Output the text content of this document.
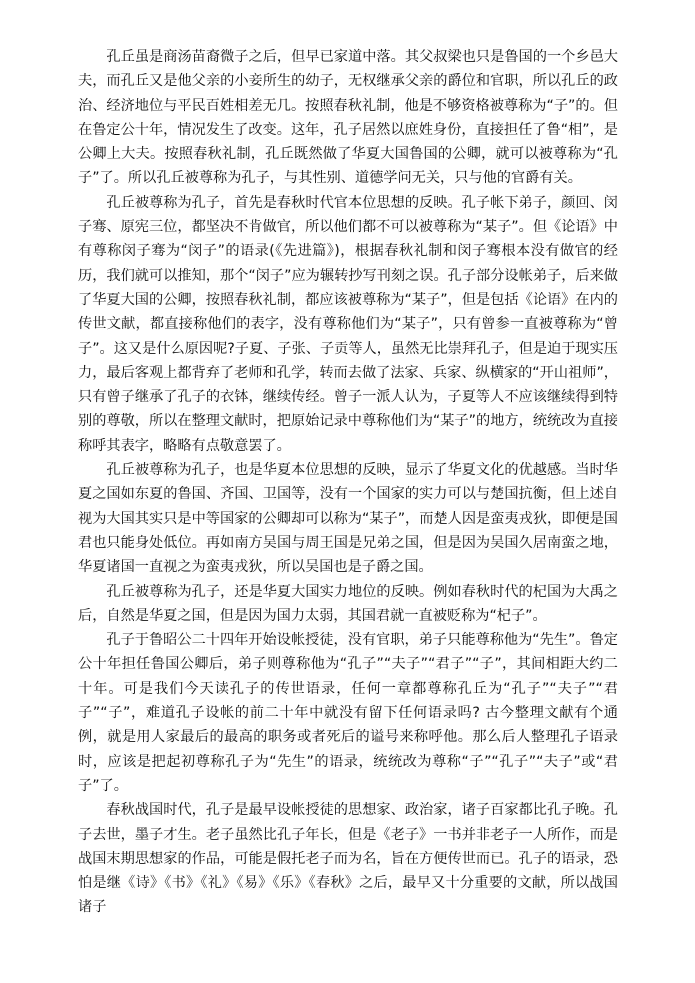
孔丘虽是商汤苗裔微子之后，但早已家道中落。其父叔梁也只是鲁国的一个乡邑大夫，而孔丘又是他父亲的小妾所生的幼子，无权继承父亲的爵位和官职，所以孔丘的政治、经济地位与平民百姓相差无几。按照春秋礼制，他是不够资格被尊称为“子”的。但在鲁定公十年，情况发生了改变。这年，孔子居然以庶姓身份，直接担任了鲁“相”，是公卿上大夫。按照春秋礼制，孔丘既然做了华夏大国鲁国的公卿，就可以被尊称为“孔子”了。所以孔丘被尊称为孔子，与其性别、道德学问无关，只与他的官爵有关。

孔丘被尊称为孔子，首先是春秋时代官本位思想的反映。孔子帐下弟子，颜回、闵子骞、原宪三位，都坚决不肯做官，所以他们都不可以被尊称为“某子”。但《论语》中有尊称闵子骞为“闵子”的语录(《先进篇》)，根据春秋礼制和闵子骞根本没有做官的经历，我们就可以推知，那个“闵子”应为辗转抄写刊刻之误。孔子部分设帐弟子，后来做了华夏大国的公卿，按照春秋礼制，都应该被尊称为“某子”，但是包括《论语》在内的传世文献，都直接称他们的表字，没有尊称他们为“某子”，只有曾参一直被尊称为“曾子”。这又是什么原因呢?子夏、子张、子贡等人，虽然无比崇拜孔子，但是迫于现实压力，最后客观上都背弃了老师和孔学，转而去做了法家、兵家、纵横家的“开山祖师”，只有曾子继承了孔子的衣钵，继续传经。曾子一派人认为，子夏等人不应该继续得到特别的尊敬，所以在整理文献时，把原始记录中尊称他们为“某子”的地方，统统改为直接称呼其表字，略略有点敬意罢了。

孔丘被尊称为孔子，也是华夏本位思想的反映，显示了华夏文化的优越感。当时华夏之国如东夏的鲁国、齐国、卫国等，没有一个国家的实力可以与楚国抗衡，但上述自视为大国其实只是中等国家的公卿却可以称为“某子”，而楚人因是蛮夷戎狄，即便是国君也只能身处低位。再如南方吴国与周王国是兄弟之国，但是因为吴国久居南蛮之地，华夏诸国一直视之为蛮夷戎狄，所以吴国也是子爵之国。

孔丘被尊称为孔子，还是华夏大国实力地位的反映。例如春秋时代的杞国为大禹之后，自然是华夏之国，但是因为国力太弱，其国君就一直被贬称为“杞子”。

孔子于鲁昭公二十四年开始设帐授徒，没有官职，弟子只能尊称他为“先生”。鲁定公十年担任鲁国公卿后，弟子则尊称他为“孔子”“夫子”“君子”“子”，其间相距大约二十年。可是我们今天读孔子的传世语录，任何一章都尊称孔丘为“孔子”“夫子”“君子”“子”，难道孔子设帐的前二十年中就没有留下任何语录吗? 古今整理文献有个通例，就是用人家最后的最高的职务或者死后的谥号来称呼他。那么后人整理孔子语录时，应该是把起初尊称孔子为“先生”的语录，统统改为尊称“子”“孔子”“夫子”或“君子”了。

春秋战国时代，孔子是最早设帐授徒的思想家、政治家，诸子百家都比孔子晚。孔子去世，墨子才生。老子虽然比孔子年长，但是《老子》一书并非老子一人所作，而是战国末期思想家的作品，可能是假托老子而为名，旨在方便传世而已。孔子的语录，恐怕是继《诗》《书》《礼》《易》《乐》《春秋》之后，最早又十分重要的文献，所以战国诸子
